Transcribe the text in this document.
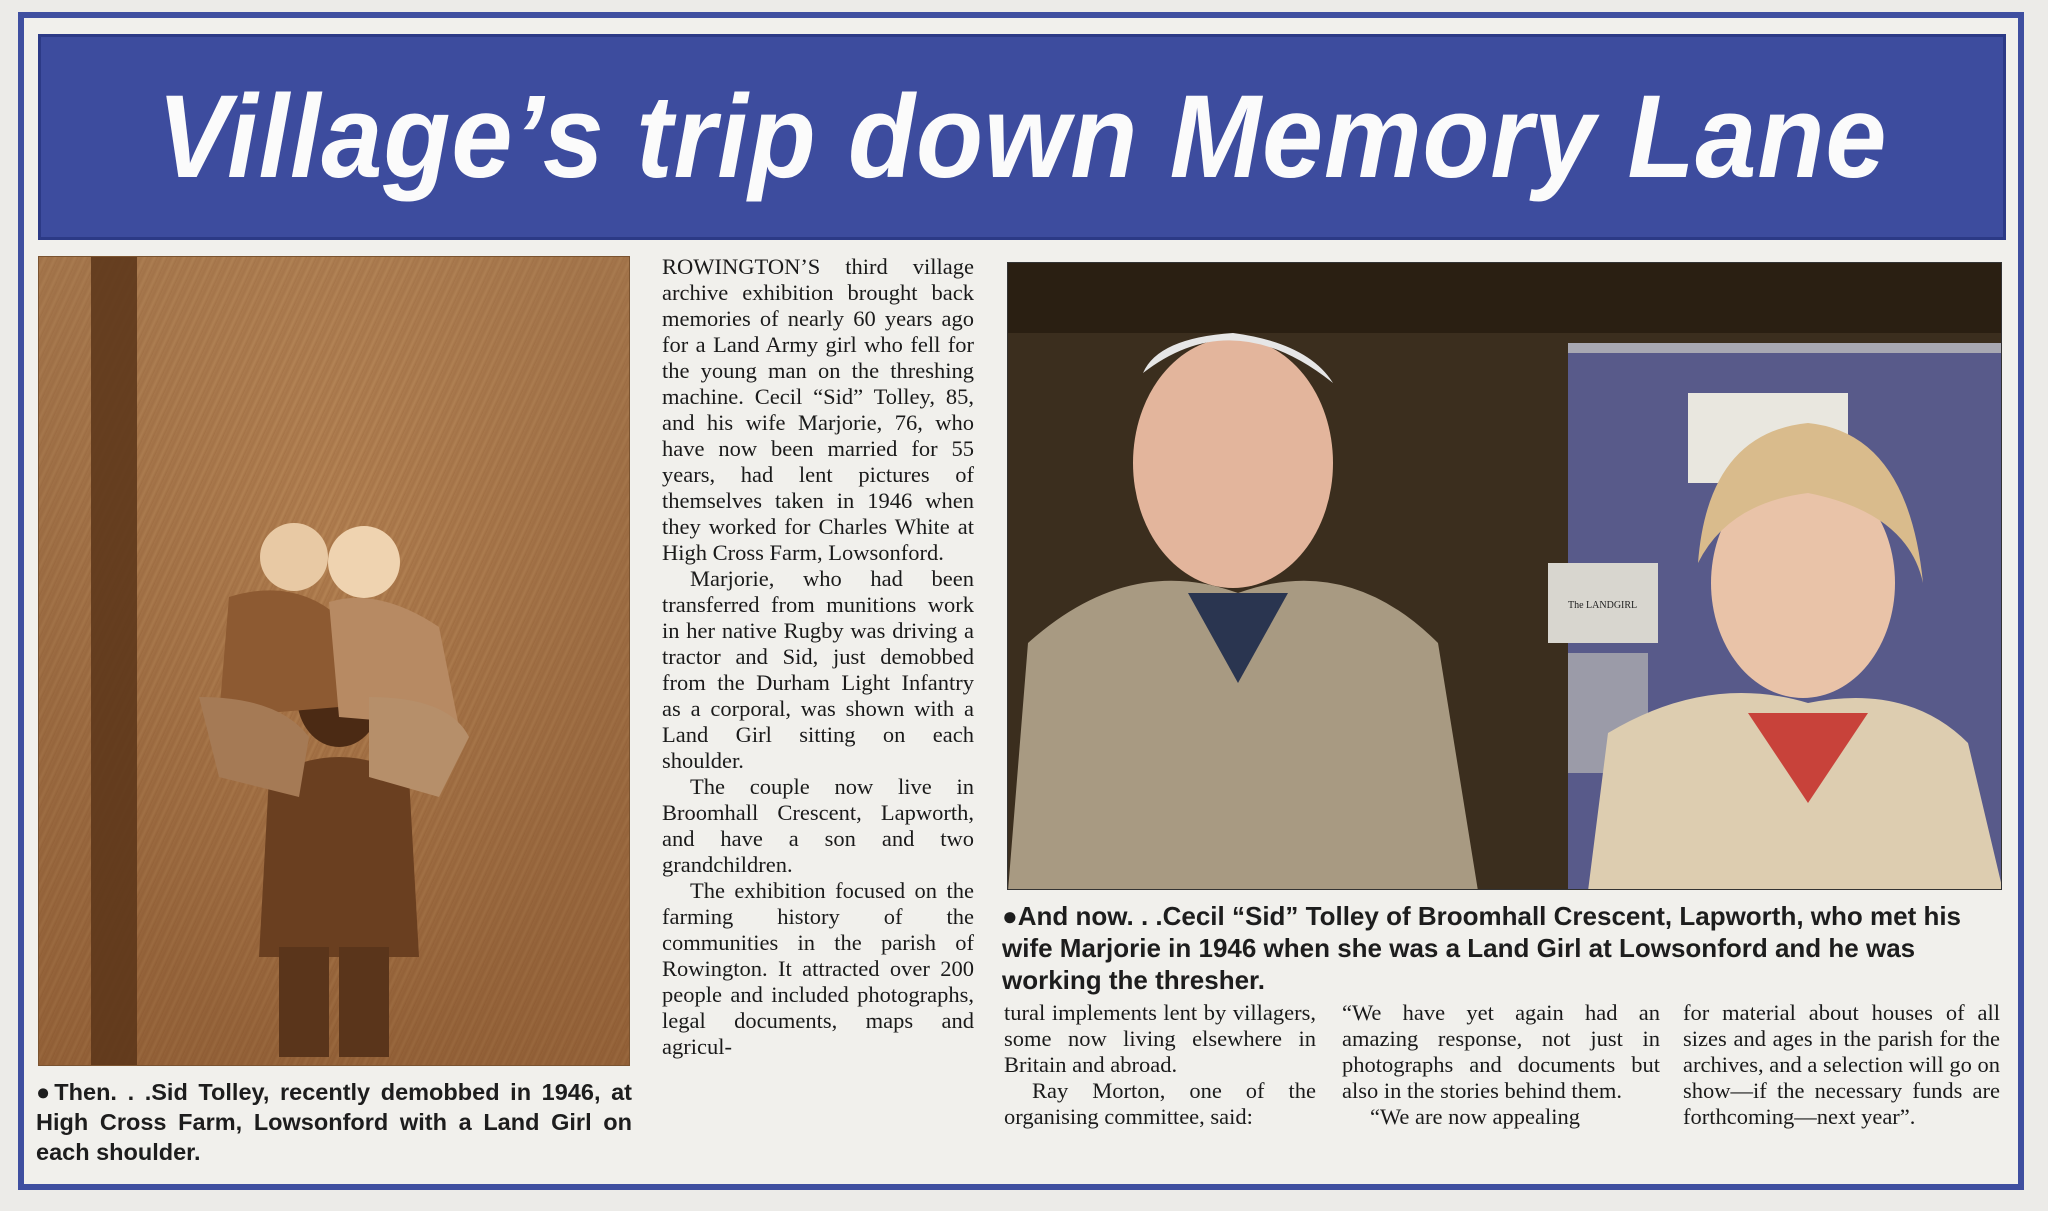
Village’s trip down Memory Lane
●Then. . .Sid Tolley, recently demobbed in 1946, at High Cross Farm, Lowsonford with a Land Girl on each shoulder.

ROWINGTON’S third village archive exhibition brought back memories of nearly 60 years ago for a Land Army girl who fell for the young man on the threshing machine. Cecil “Sid” Tolley, 85, and his wife Marjorie, 76, who have now been married for 55 years, had lent pictures of themselves taken in 1946 when they worked for Charles White at High Cross Farm, Lowsonford.

Marjorie, who had been transferred from munitions work in her native Rugby was driving a tractor and Sid, just demobbed from the Durham Light Infantry as a corporal, was shown with a Land Girl sitting on each shoulder.

The couple now live in Broomhall Crescent, Lapworth, and have a son and two grandchildren.

The exhibition focused on the farming history of the communities in the parish of Rowington. It attracted over 200 people and included photographs, legal documents, maps and agricul-

The LANDGIRL
●And now. . .Cecil “Sid” Tolley of Broomhall Crescent, Lapworth, who met his wife Marjorie in 1946 when she was a Land Girl at Lowsonford and he was working the thresher.

tural implements lent by villagers, some now living elsewhere in Britain and abroad.

Ray Morton, one of the organising committee, said:

“We have yet again had an amazing response, not just in photographs and documents but also in the stories behind them.

“We are now appealing

for material about houses of all sizes and ages in the parish for the archives, and a selection will go on show—if the necessary funds are forthcoming—next year”.
